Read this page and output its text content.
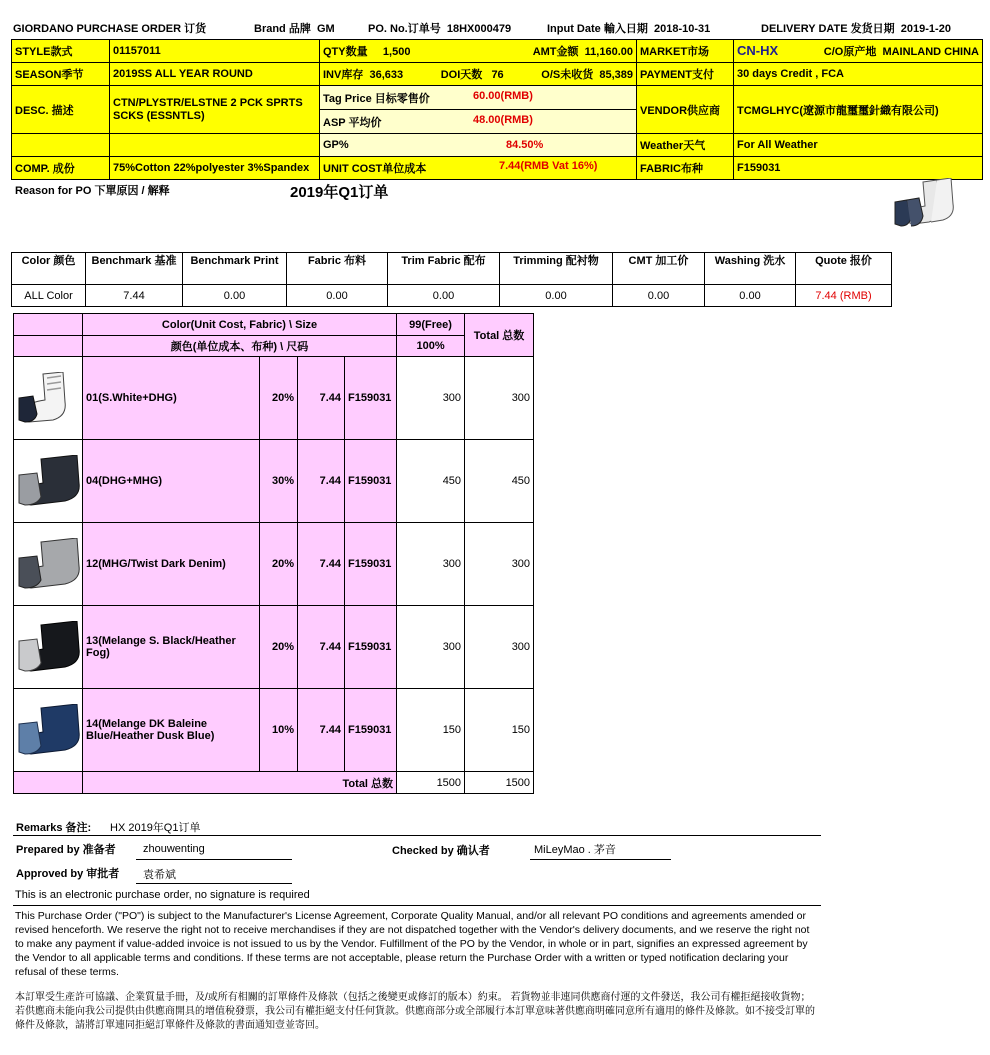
GIORDANO PURCHASE ORDER 订货	Brand 品牌 GM	PO. No.订单号 18HX000479	Input Date 輸入日期 2018-10-31	DELIVERY DATE 发货日期 2019-1-20
STYLE款式	01157011	QTY数量 1,500 AMT金额 11,160.00	MARKET市场	CN-HX C/O原产地 MAINLAND CHINA

SEASON季节	2019SS ALL YEAR ROUND	INV库存 36,633 DOI天数 76 O/S未收货 85,389	PAYMENT支付	30 days Credit , FCA
DESC. 描述	CTN/PLYSTR/ELSTNE 2 PCK SPRTS SCKS (ESSNTLS)	Tag Price 目标零售价 60.00(RMB)	VENDOR供应商	TCMGLHYC(遼源市龍璽璽針織有限公司)

		ASP 平均价 48.00(RMB)		

		GP% 84.50%	Weather天气	For All Weather
COMP. 成份	75%Cotton 22%polyester 3%Spandex	UNIT COST单位成本 7.44(RMB Vat 16%)	FABRIC布种	F159031
Reason for PO 下單原因 / 解释	2019年Q1订单
Color 颜色	Benchmark 基准	Benchmark Print	Fabric 布料	Trim Fabric 配布	Trimming 配衬物	CMT 加工价	Washing 洗水	Quote 报价
ALL Color	7.44	0.00	0.00	0.00	0.00	0.00	0.00	7.44 (RMB)
	Color(Unit Cost, Fabric) \ Size				99(Free)	Total 总数
	颜色(单位成本、布种) \ 尺码				100%	

	01(S.White+DHG)	20%	7.44	F159031	300	300

	04(DHG+MHG)	30%	7.44	F159031	450	450

	12(MHG/Twist Dark Denim)	20%	7.44	F159031	300	300

	13(Melange S. Black/Heather Fog)	20%	7.44	F159031	300	300

	14(Melange DK Baleine Blue/Heather Dusk Blue)	10%	7.44	F159031	150	150
	Total 总数				1500	1500
Remarks 备注: HX 2019年Q1订单
Prepared by 准备者 zhouwenting	Checked by 确认者	MiLeyMao . 茅音
Approved by 审批者 袁希斌
This is an electronic purchase order, no signature is required
This Purchase Order ("PO") is subject to the Manufacturer's License Agreement, Corporate Quality Manual, and/or all relevant PO conditions and agreements amended or revised henceforth. We reserve the right not to receive merchandises if they are not dispatched together with the Vendor's delivery documents, and we reserve the right not to make any payment if value-added invoice is not issued to us by the Vendor. Fulfillment of the PO by the Vendor, in whole or in part, signifies an expressed agreement by the Vendor to all applicable terms and conditions. If these terms are not acceptable, please return the Purchase Order with a written or typed notification declaring your refusal of these terms.
本訂單受生產許可協議、企業質量手冊，及/或所有相關的訂單條件及條款（包括之後變更或修訂的版本）約束。 若貨物並非連同供應商付運的文件發送，我公司有權拒絕接收貨物；若供應商未能向我公司提供由供應商開具的增值稅發票，我公司有權拒絕支付任何貨款。供應商部分或全部履行本訂單意味著供應商明確同意所有適用的條件及條款。如不接受訂單的條件及條款，請將訂單連同拒絕訂單條件及條款的書面通知壹並寄回。
